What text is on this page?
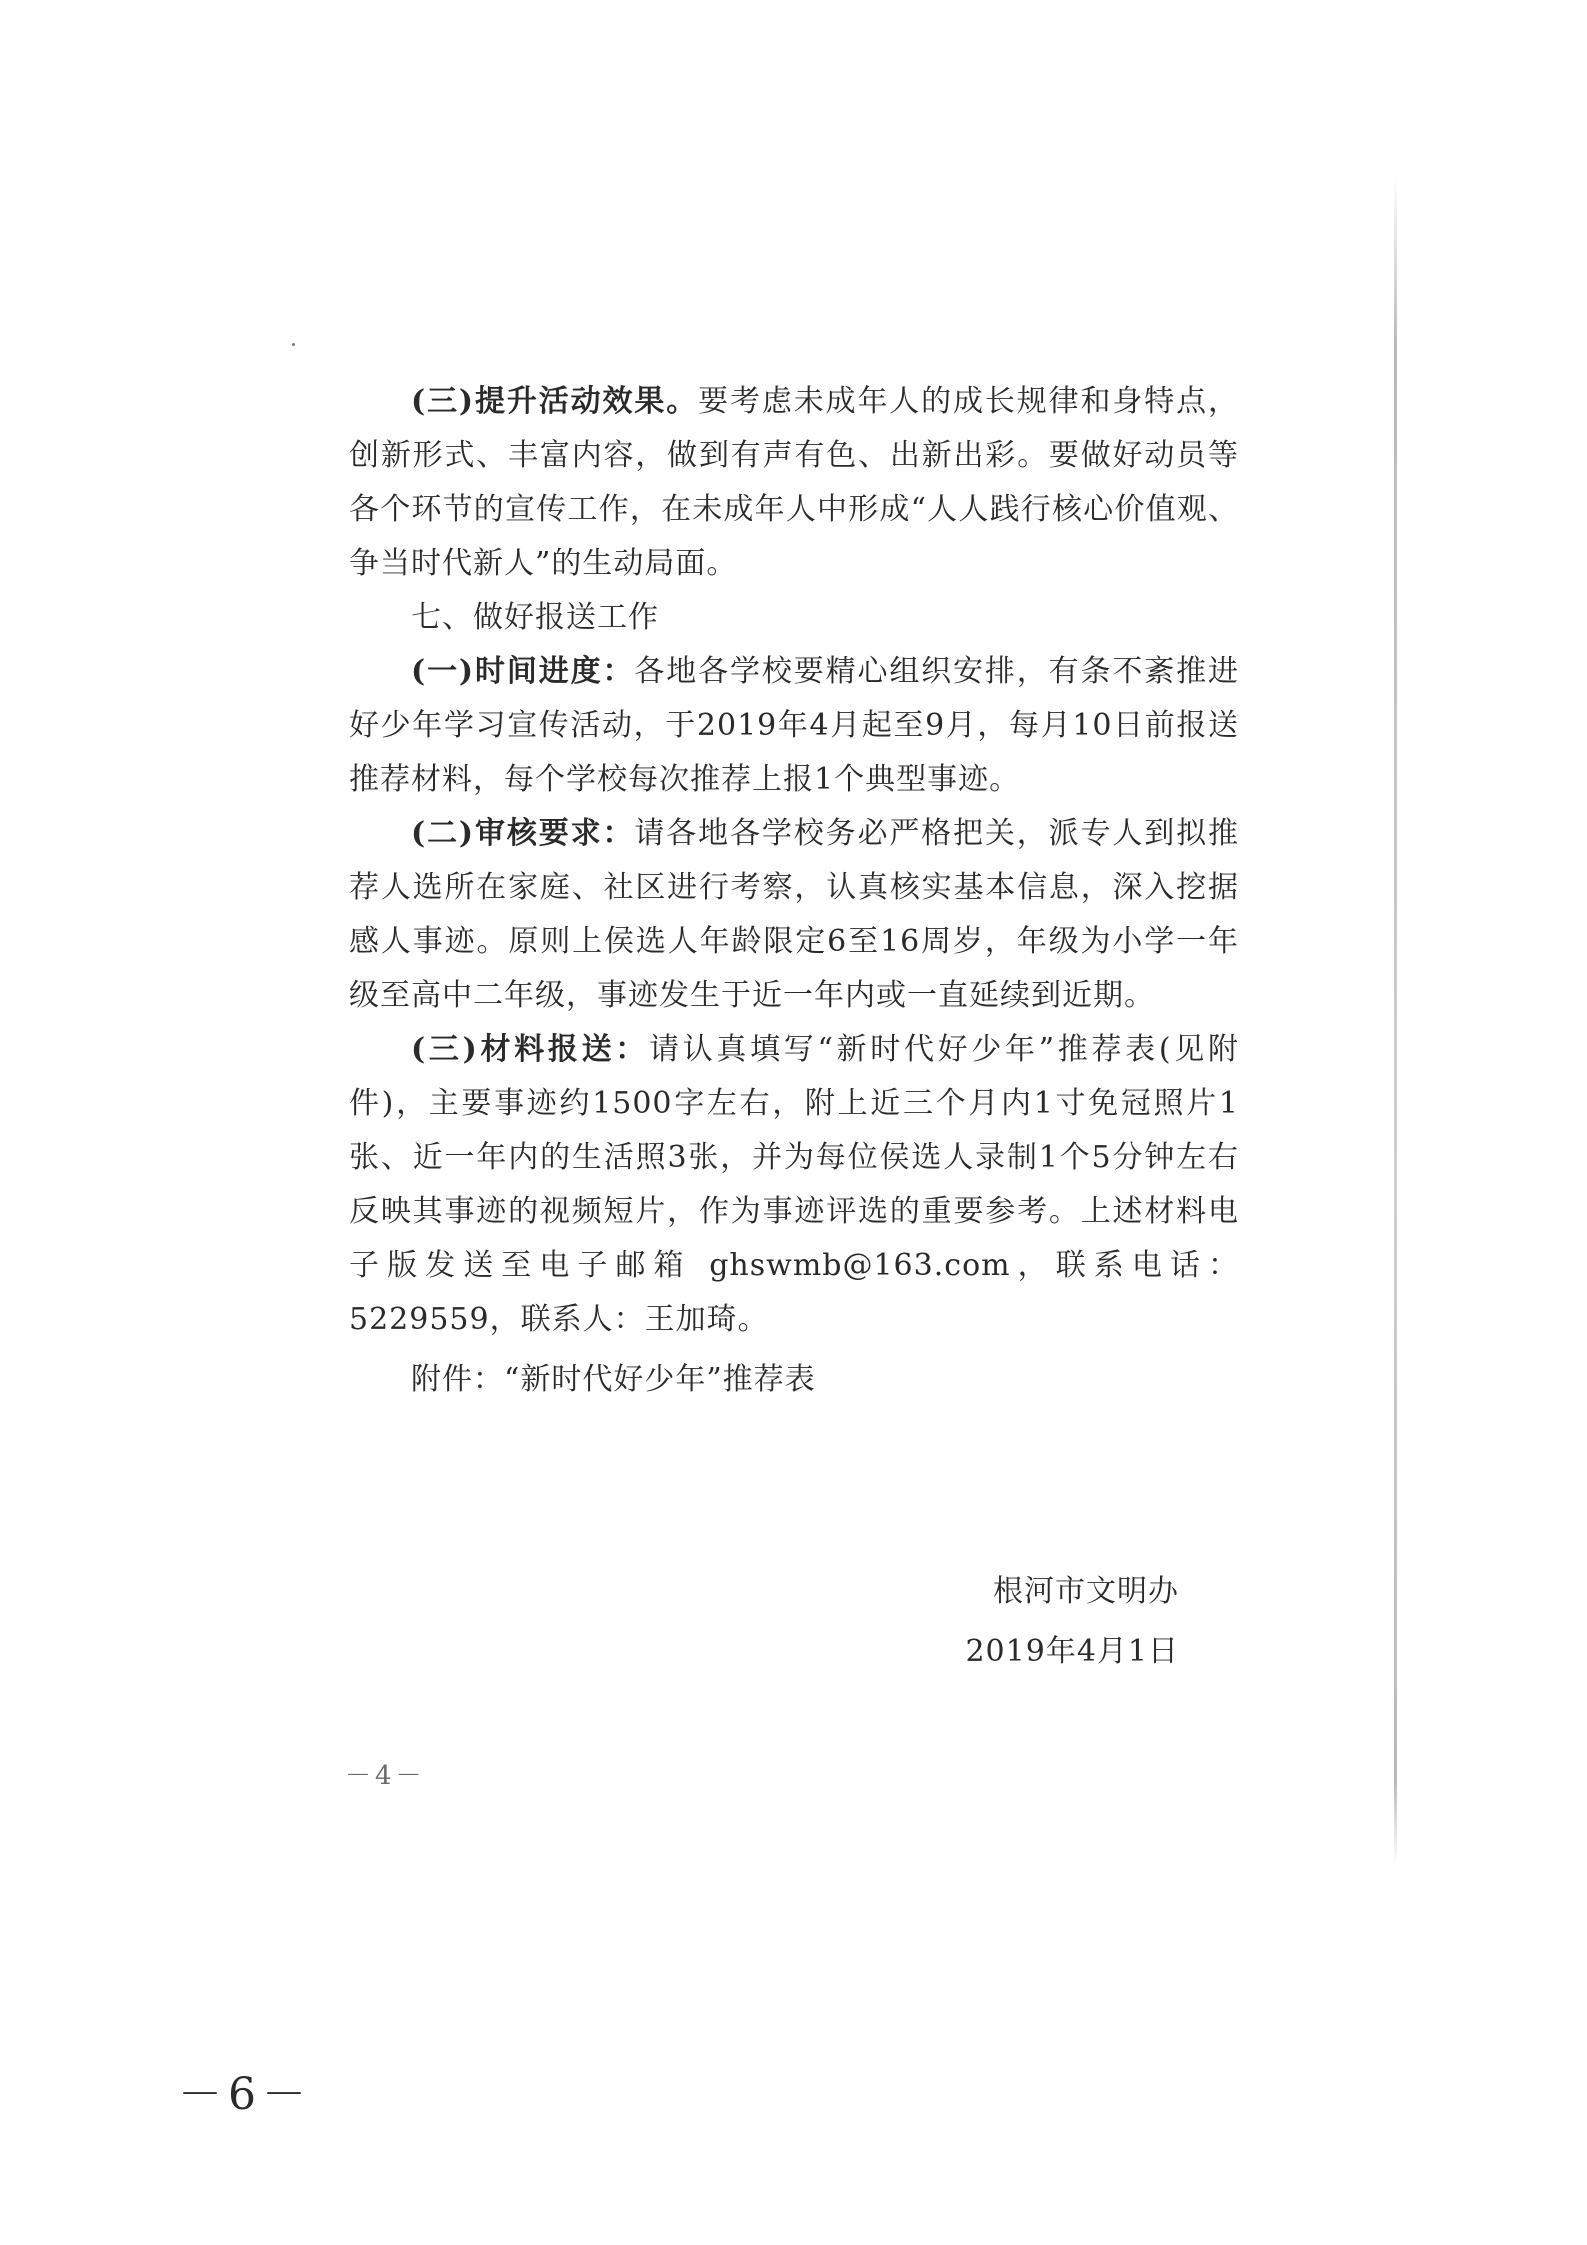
(三)提升活动效果。要考虑未成年人的成长规律和身特点，创新形式、丰富内容，做到有声有色、出新出彩。要做好动员等各个环节的宣传工作，在未成年人中形成“人人践行核心价值观、争当时代新人”的生动局面。

七、做好报送工作

(一)时间进度：各地各学校要精心组织安排，有条不紊推进好少年学习宣传活动，于2019年4月起至9月，每月10日前报送推荐材料，每个学校每次推荐上报1个典型事迹。

(二)审核要求：请各地各学校务必严格把关，派专人到拟推荐人选所在家庭、社区进行考察，认真核实基本信息，深入挖据感人事迹。原则上侯选人年龄限定6至16周岁，年级为小学一年级至高中二年级，事迹发生于近一年内或一直延续到近期。

(三)材料报送：请认真填写“新时代好少年”推荐表(见附件)，主要事迹约1500字左右，附上近三个月内1寸免冠照片1张、近一年内的生活照3张，并为每位侯选人录制1个5分钟左右反映其事迹的视频短片，作为事迹评选的重要参考。上述材料电子版发送至电子邮箱 ghswmb@163.com，联系电话：5229559，联系人：王加琦。

附件：“新时代好少年”推荐表

根河市文明办
2019年4月1日
－4－
－6－
